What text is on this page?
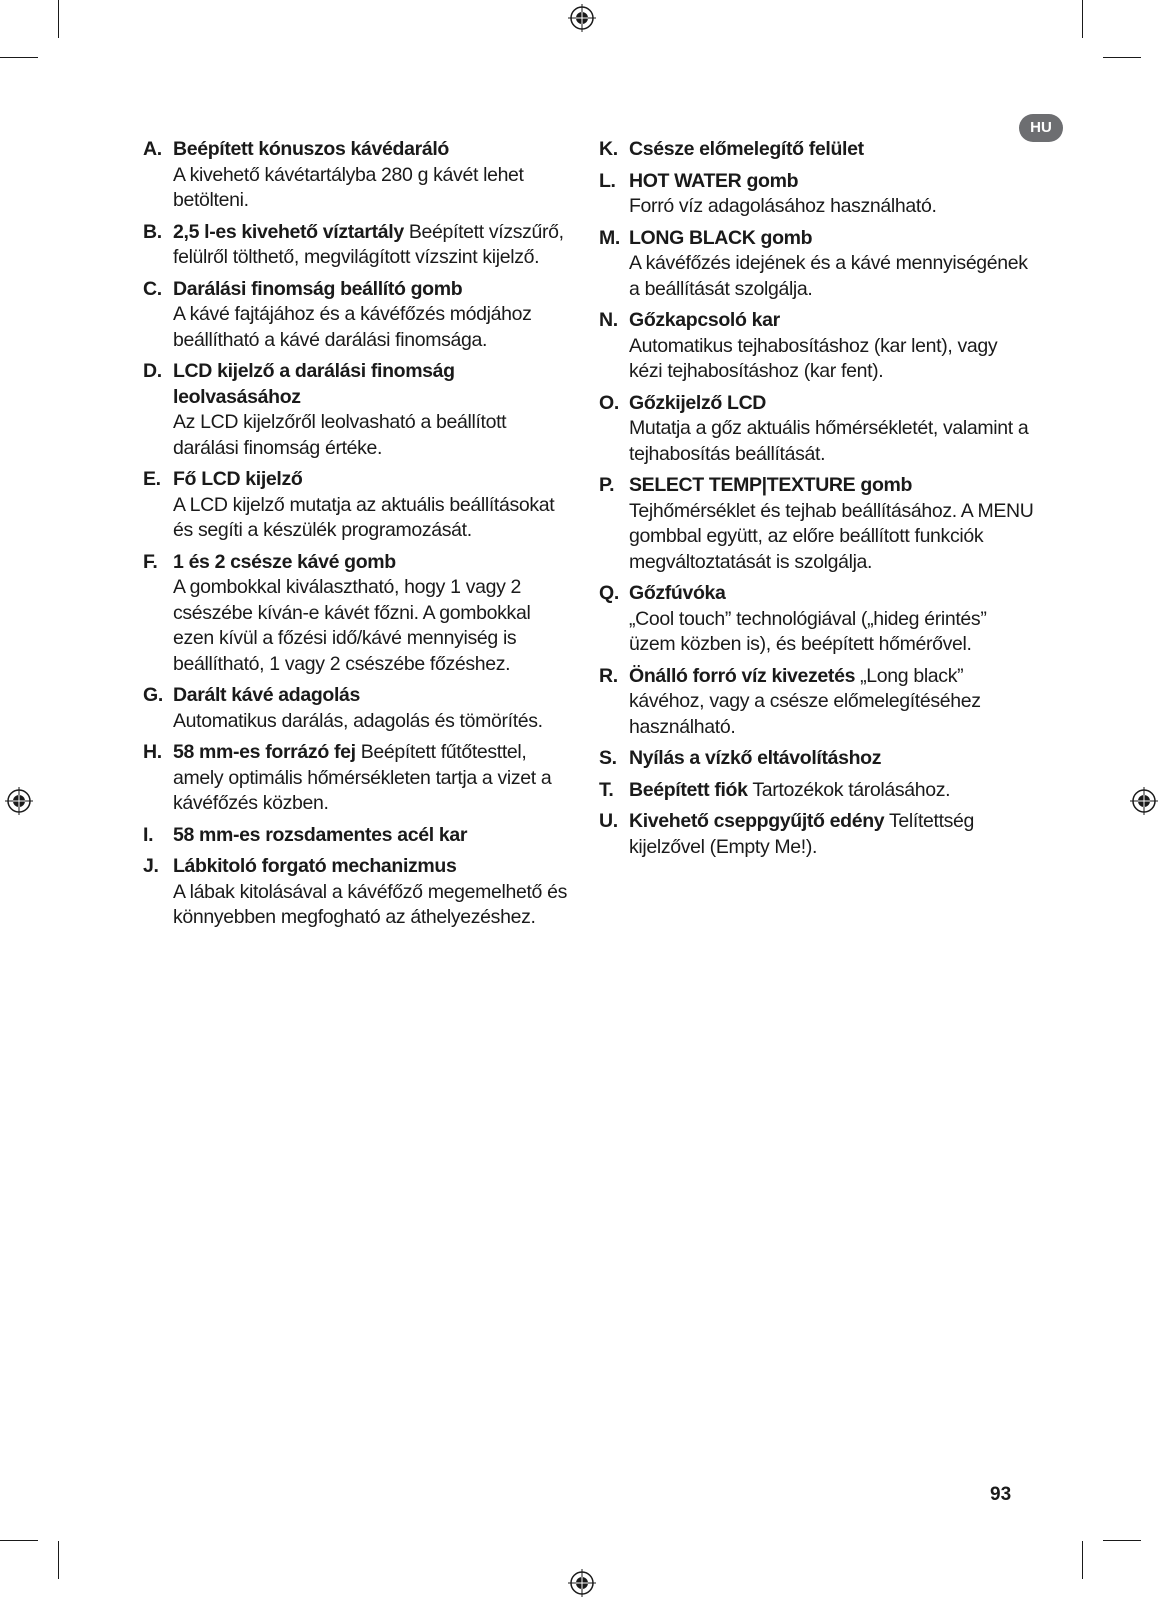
HU
A. Beépített kónuszos kávédaráló
A kivehető kávétartályba 280 g kávét lehet betölteni.
B. 2,5 l-es kivehető víztartály Beépített vízszűrő, felülről tölthető, megvilágított vízszint kijelző.
C. Darálási finomság beállító gomb
A kávé fajtájához és a kávéfőzés módjához beállítható a kávé darálási finomsága.
D. LCD kijelző a darálási finomság leolvasásához
Az LCD kijelzőről leolvasható a beállított darálási finomság értéke.
E. Fő LCD kijelző
A LCD kijelző mutatja az aktuális beállításokat és segíti a készülék programozását.
F. 1 és 2 csésze kávé gomb
A gombokkal kiválasztható, hogy 1 vagy 2 csészébe kíván-e kávét főzni. A gombokkal ezen kívül a főzési idő/kávé mennyiség is beállítható, 1 vagy 2 csészébe főzéshez.
G. Darált kávé adagolás
Automatikus darálás, adagolás és tömörítés.
H. 58 mm-es forrázó fej Beépített fűtőtesttel, amely optimális hőmérsékleten tartja a vizet a kávéfőzés közben.
I.	58 mm-es rozsdamentes acél kar
J. Lábkitoló forgató mechanizmus
A lábak kitolásával a kávéfőző megemelhető és könnyebben megfogható az áthelyezéshez.
K. Csésze előmelegítő felület
L. HOT WATER gomb
Forró víz adagolásához használható.
M. LONG BLACK gomb
A kávéfőzés idejének és a kávé mennyiségének a beállítását szolgálja.
N. Gőzkapcsoló kar
Automatikus tejhabosításhoz (kar lent), vagy kézi tejhabosításhoz (kar fent).
O. Gőzkijelző LCD
Mutatja a gőz aktuális hőmérsékletét, valamint a tejhabosítás beállítását.
P. SELECT TEMP|TEXTURE gomb
Tejhőmérséklet és tejhab beállításához. A MENU gombbal együtt, az előre beállított funkciók megváltoztatását is szolgálja.
Q. Gőzfúvóka
„Cool touch” technológiával („hideg érintés” üzem közben is), és beépített hőmérővel.
R. Önálló forró víz kivezetés „Long black” kávéhoz, vagy a csésze előmelegítéséhez használható.
S. Nyílás a vízkő eltávolításhoz
T. Beépített fiók Tartozékok tárolásához.
U. Kivehető cseppgyűjtő edény Telítettség kijelzővel (Empty Me!).
93
